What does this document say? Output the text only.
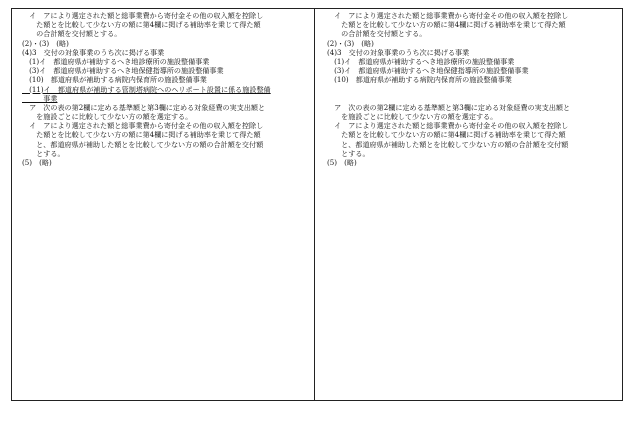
　イ　アにより選定された額と総事業費から寄付金その他の収入額を控除し
　　た額とを比較して少ない方の額に第4欄に掲げる補助率を乗じて得た額
　　の合計額を交付額とする。
(2)・(3)　(略)
(4)3　交付の対象事業のうち次に掲げる事業
　(1)イ　都道府県が補助するへき地診療所の施設整備事業
　(3)イ　都道府県が補助するへき地保健指導所の施設整備事業
　(10)　都道府県が補助する病院内保育所の施設整備事業
　(11)イ　都道府県が補助する管制塔病院へのヘリポート設置に係る施設整備
　　　事業
　ア　次の表の第2欄に定める基準額と第3欄に定める対象経費の実支出額と
　　を施設ごとに比較して少ない方の額を選定する。
　イ　アにより選定された額と総事業費から寄付金その他の収入額を控除し
　　た額とを比較して少ない方の額に第4欄に掲げる補助率を乗じて得た額
　　と、都道府県が補助した額とを比較して少ない方の額の合計額を交付額
　　とする。
(5)　(略)
　イ　アにより選定された額と総事業費から寄付金その他の収入額を控除し
　　た額とを比較して少ない方の額に第4欄に掲げる補助率を乗じて得た額
　　の合計額を交付額とする。
(2)・(3)　(略)
(4)3　交付の対象事業のうち次に掲げる事業
　(1)イ　都道府県が補助するへき地診療所の施設整備事業
　(3)イ　都道府県が補助するへき地保健指導所の施設整備事業
　(10)　都道府県が補助する病院内保育所の施設整備事業
　ア　次の表の第2欄に定める基準額と第3欄に定める対象経費の実支出額と
　　を施設ごとに比較して少ない方の額を選定する。
　イ　アにより選定された額と総事業費から寄付金その他の収入額を控除し
　　た額とを比較して少ない方の額に第4欄に掲げる補助率を乗じて得た額
　　と、都道府県が補助した額とを比較して少ない方の額の合計額を交付額
　　とする。
(5)　(略)
